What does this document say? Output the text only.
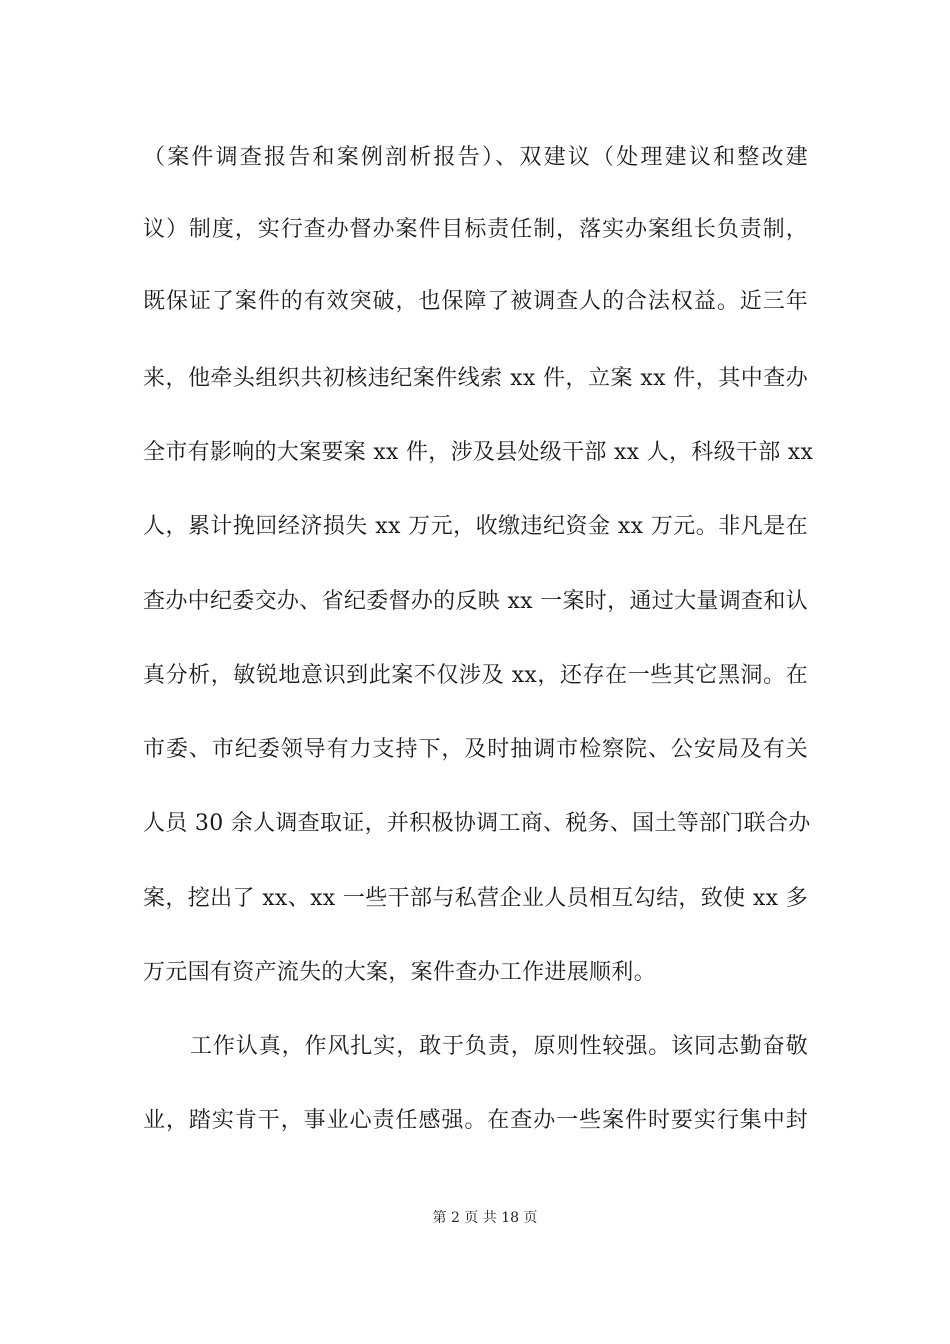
（案件调查报告和案例剖析报告）、双建议（处理建议和整改建
议）制度，实行查办督办案件目标责任制，落实办案组长负责制，
既保证了案件的有效突破，也保障了被调查人的合法权益。近三年
来，他牵头组织共初核违纪案件线索 xx 件，立案 xx 件，其中查办
全市有影响的大案要案 xx 件，涉及县处级干部 xx 人，科级干部 xx
人，累计挽回经济损失 xx 万元，收缴违纪资金 xx 万元。非凡是在
查办中纪委交办、省纪委督办的反映 xx 一案时，通过大量调查和认
真分析，敏锐地意识到此案不仅涉及 xx，还存在一些其它黑洞。在
市委、市纪委领导有力支持下，及时抽调市检察院、公安局及有关
人员 30 余人调查取证，并积极协调工商、税务、国土等部门联合办
案，挖出了 xx、xx 一些干部与私营企业人员相互勾结，致使 xx 多
万元国有资产流失的大案，案件查办工作进展顺利。
工作认真，作风扎实，敢于负责，原则性较强。该同志勤奋敬
业，踏实肯干，事业心责任感强。在查办一些案件时要实行集中封
第 2 页 共 18 页
